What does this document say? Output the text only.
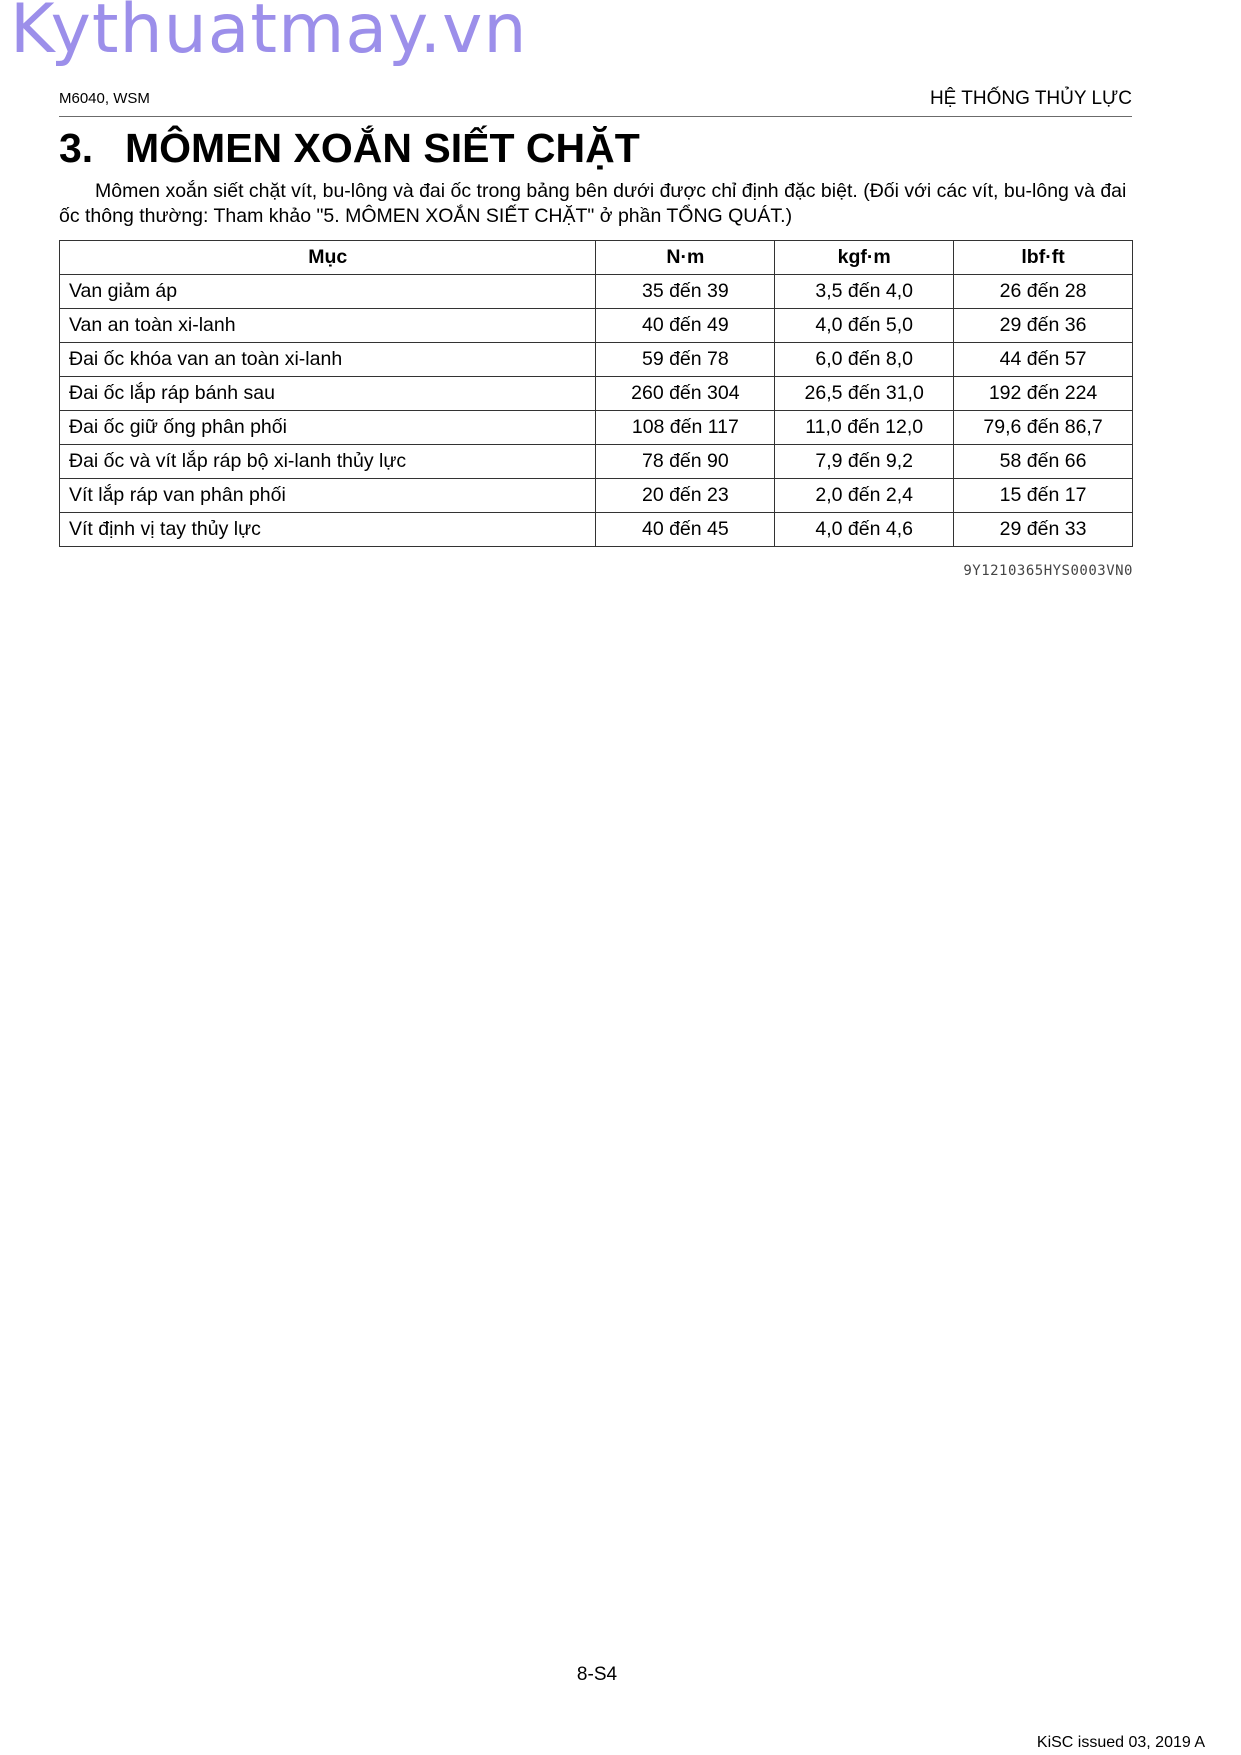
Kythuatmay.vn
M6040, WSM	HỆ THỐNG THỦY LỰC
3. MÔMEN XOẮN SIẾT CHẶT
Mômen xoắn siết chặt vít, bu-lông và đai ốc trong bảng bên dưới được chỉ định đặc biệt. (Đối với các vít, bu-lông và đai ốc thông thường: Tham khảo "5. MÔMEN XOẮN SIẾT CHẶT" ở phần TỔNG QUÁT.)
Mục	N·m	kgf·m	lbf·ft
Van giảm áp	35 đến 39	3,5 đến 4,0	26 đến 28
Van an toàn xi-lanh	40 đến 49	4,0 đến 5,0	29 đến 36
Đai ốc khóa van an toàn xi-lanh	59 đến 78	6,0 đến 8,0	44 đến 57
Đai ốc lắp ráp bánh sau	260 đến 304	26,5 đến 31,0	192 đến 224
Đai ốc giữ ống phân phối	108 đến 117	11,0 đến 12,0	79,6 đến 86,7
Đai ốc và vít lắp ráp bộ xi-lanh thủy lực	78 đến 90	7,9 đến 9,2	58 đến 66
Vít lắp ráp van phân phối	20 đến 23	2,0 đến 2,4	15 đến 17
Vít định vị tay thủy lực	40 đến 45	4,0 đến 4,6	29 đến 33
9Y1210365HYS0003VN0
8-S4
KiSC issued 03, 2019 A
